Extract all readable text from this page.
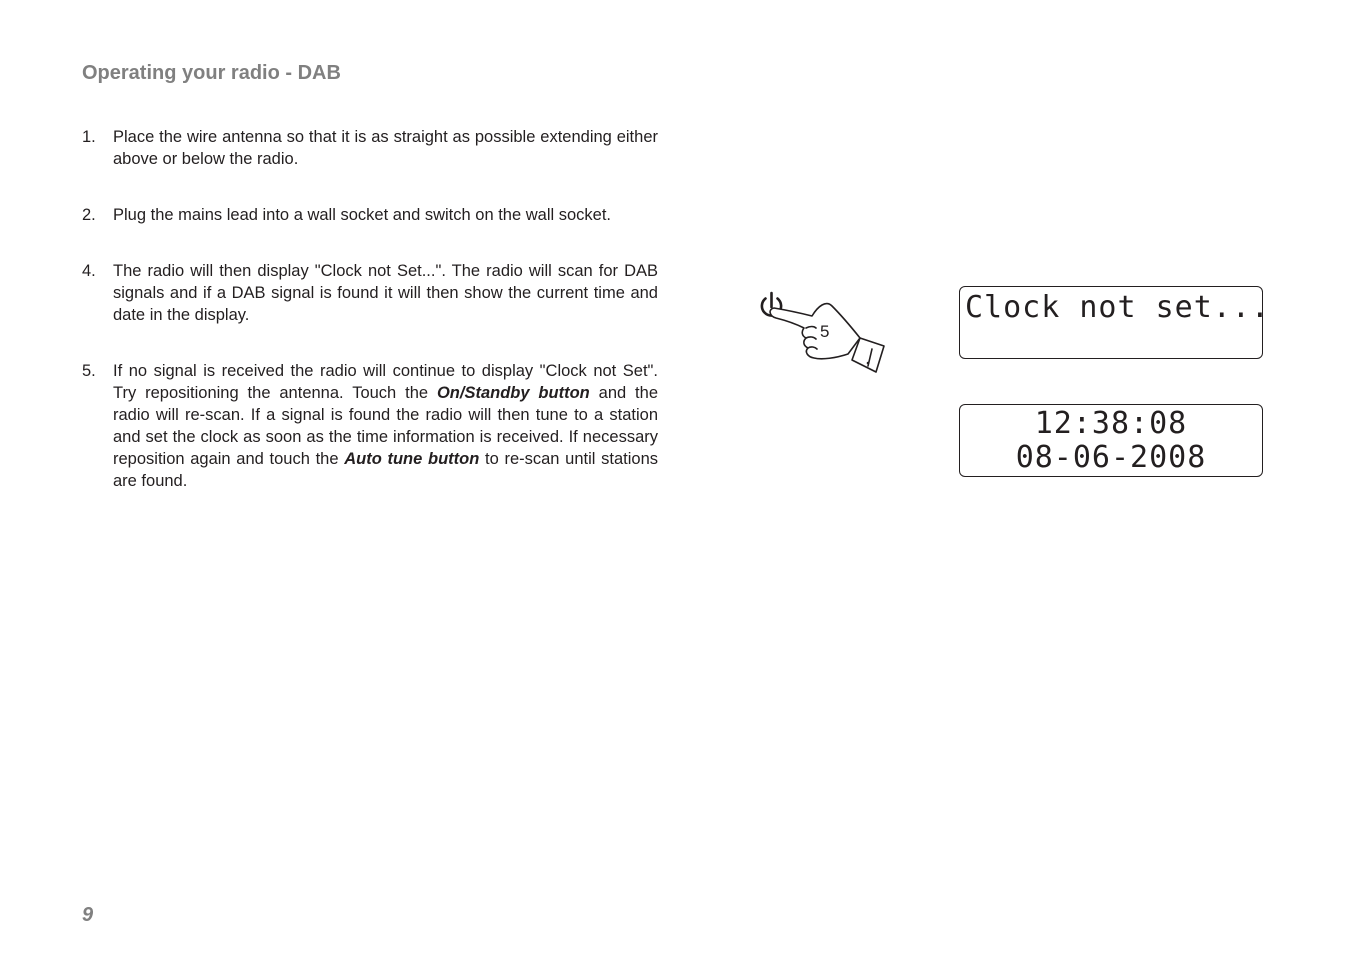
Operating your radio - DAB
1. Place the wire antenna so that it is as straight as possible extending either above or below the radio.
2. Plug the mains lead into a wall socket and switch on the wall socket.
4. The radio will then display "Clock not Set...". The radio will scan for DAB signals and if a DAB signal is found it will then show the current time and date in the display.
5. If no signal is received the radio will continue to display "Clock not Set". Try repositioning the antenna. Touch the On/Standby button and the radio will re-scan. If a signal is found the radio will then tune to a station and set the clock as soon as the time information is received. If necessary reposition again and touch the Auto tune button to re-scan until stations are found.
5
Clock not set...
12:38:08
08-06-2008
9
